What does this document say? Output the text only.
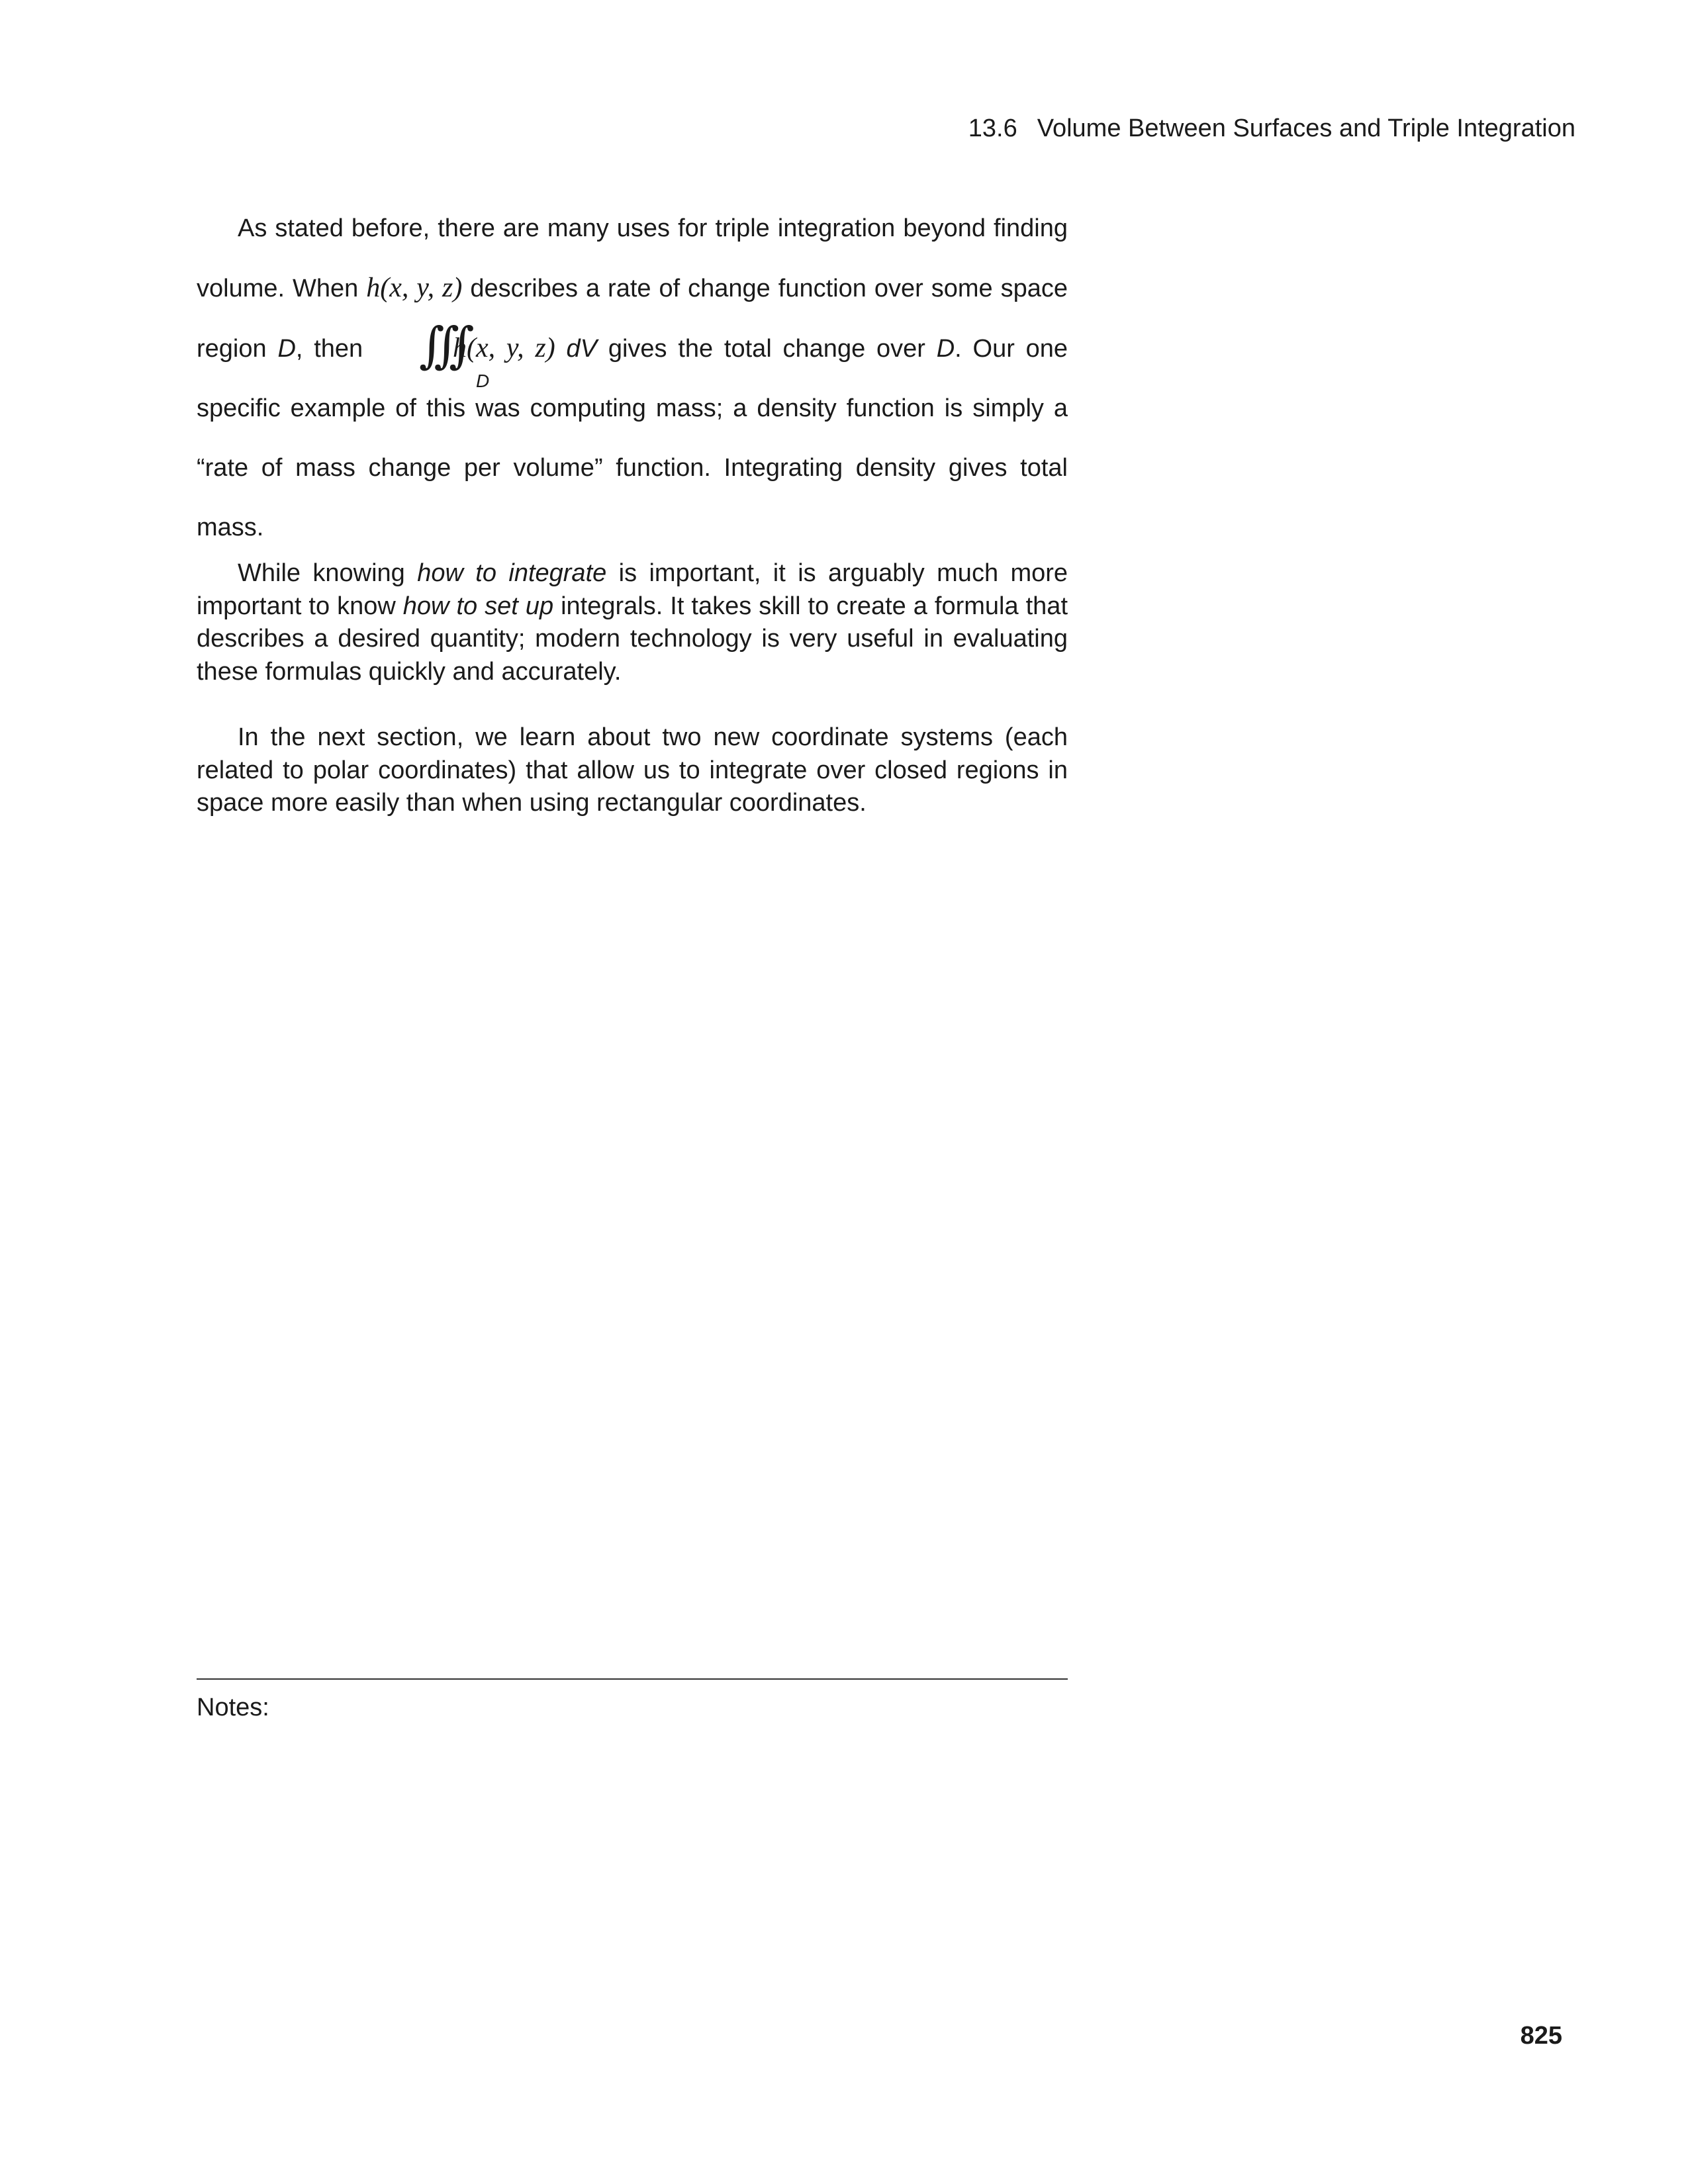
13.6 Volume Between Surfaces and Triple Integration

As stated before, there are many uses for triple integration beyond finding volume. When h(x, y, z) describes a rate of change function over some space region D, then	∫∫∫
D
h(x, y, z) dV gives the total change over D. Our one specific example of this was computing mass; a density function is simply a “rate of mass change per volume” function. Integrating density gives total mass.

While knowing how to integrate is important, it is arguably much more important to know how to set up integrals. It takes skill to create a formula that describes a desired quantity; modern technology is very useful in evaluating these formulas quickly and accurately.

In the next section, we learn about two new coordinate systems (each related to polar coordinates) that allow us to integrate over closed regions in space more easily than when using rectangular coordinates.

Notes:
825
